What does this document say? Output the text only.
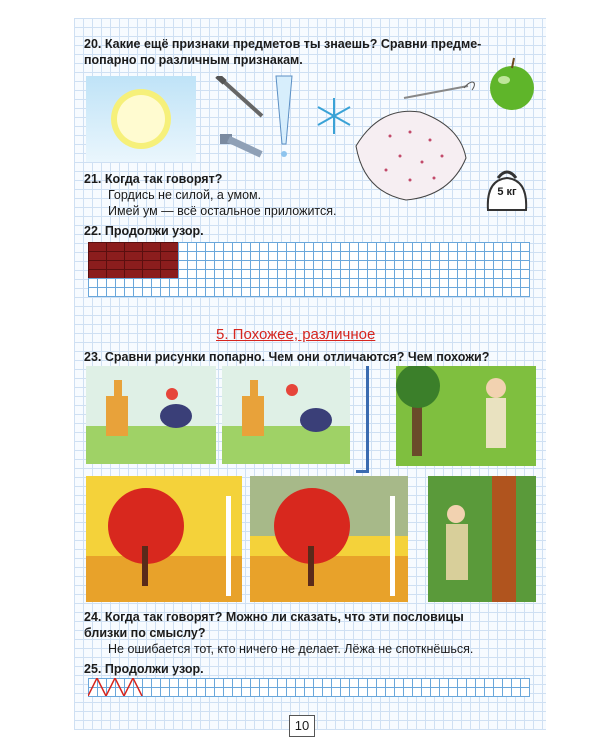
20. Какие ещё признаки предметов ты знаешь? Сравни предме-
попарно по различным признакам.
5 кг
21. Когда так говорят?
Гордись не силой, а умом.
Имей ум — всё остальное приложится.
22. Продолжи узор.
5. Похожее, различное
23. Сравни рисунки попарно. Чем они отличаются? Чем похожи?
24. Когда так говорят? Можно ли сказать, что эти пословицы
близки по смыслу?
Не ошибается тот, кто ничего не делает. Лёжа не споткнёшься.
25. Продолжи узор.
10
